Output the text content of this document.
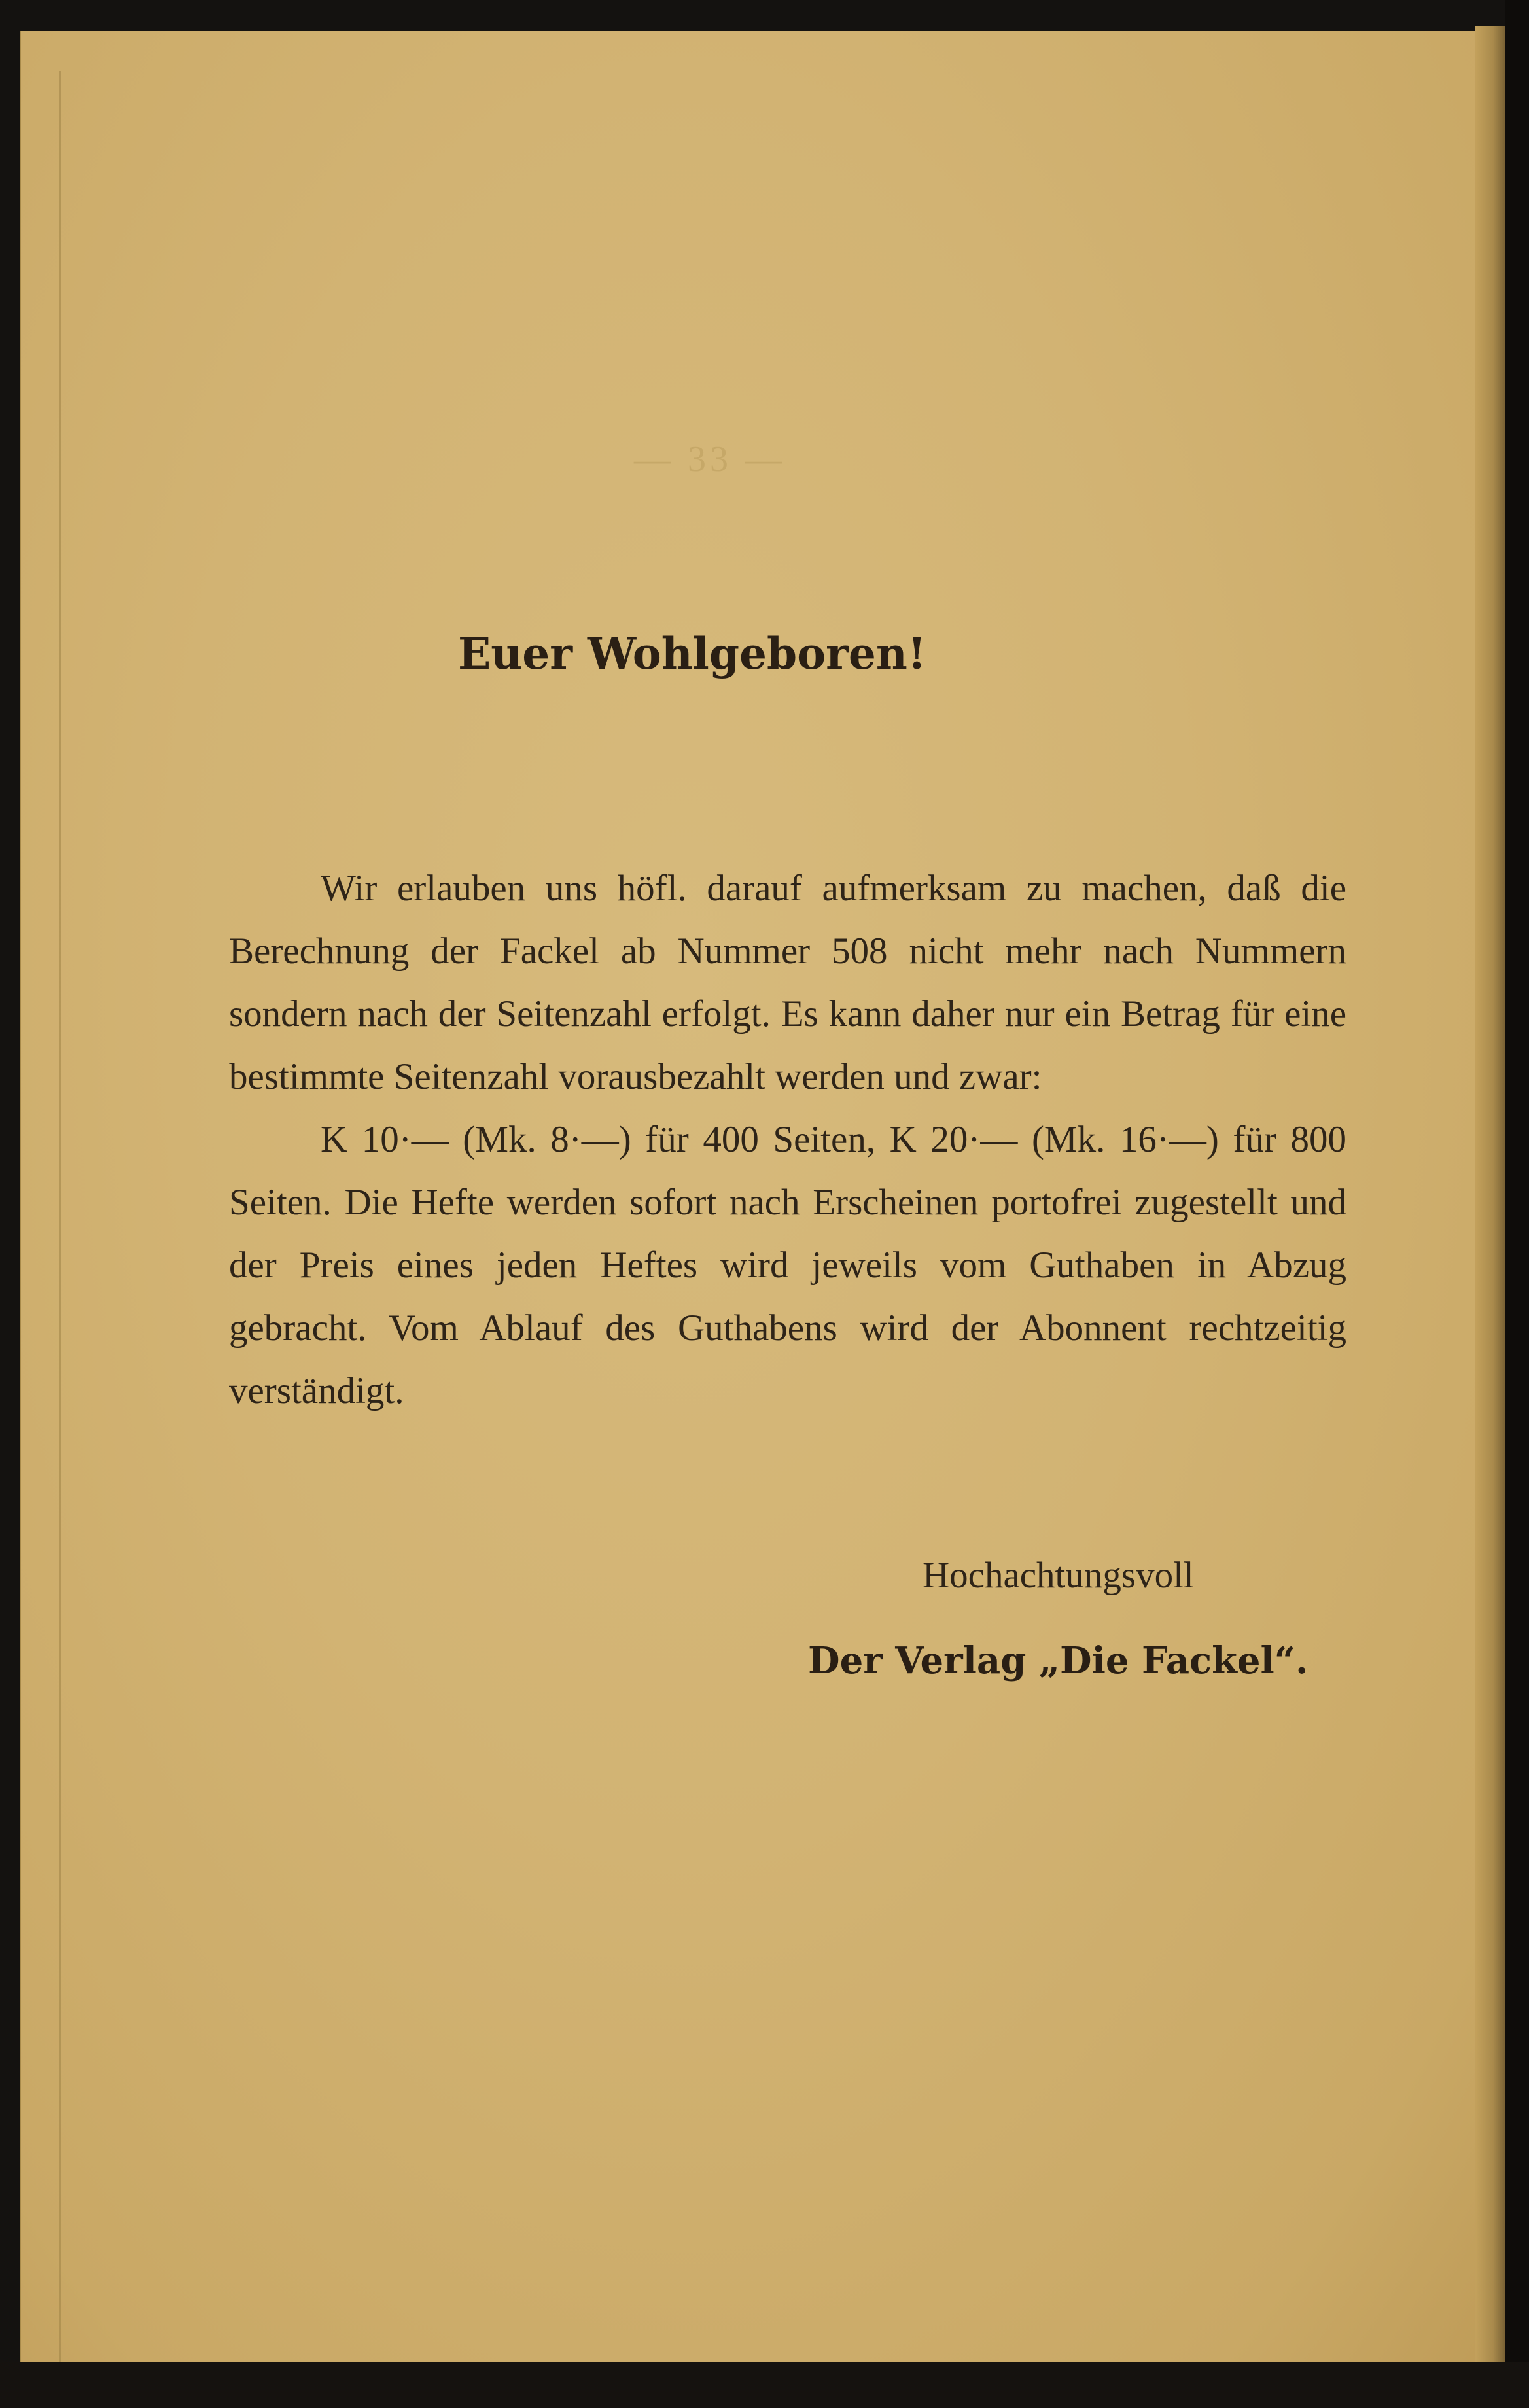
— 33 —
Euer Wohlgeboren!

Wir erlauben uns höfl. darauf aufmerksam zu machen, daß die Berechnung der Fackel ab Nummer 508 nicht mehr nach Nummern sondern nach der Seitenzahl erfolgt. Es kann daher nur ein Betrag für eine bestimmte Seitenzahl vorausbezahlt werden und zwar:

K 10·— (Mk. 8·—) für 400 Seiten, K 20·— (Mk. 16·—) für 800 Seiten. Die Hefte werden sofort nach Erscheinen portofrei zugestellt und der Preis eines jeden Heftes wird jeweils vom Guthaben in Abzug gebracht. Vom Ablauf des Guthabens wird der Abonnent rechtzeitig verständigt.

Hochachtungsvoll
Der Verlag „Die Fackel“.
